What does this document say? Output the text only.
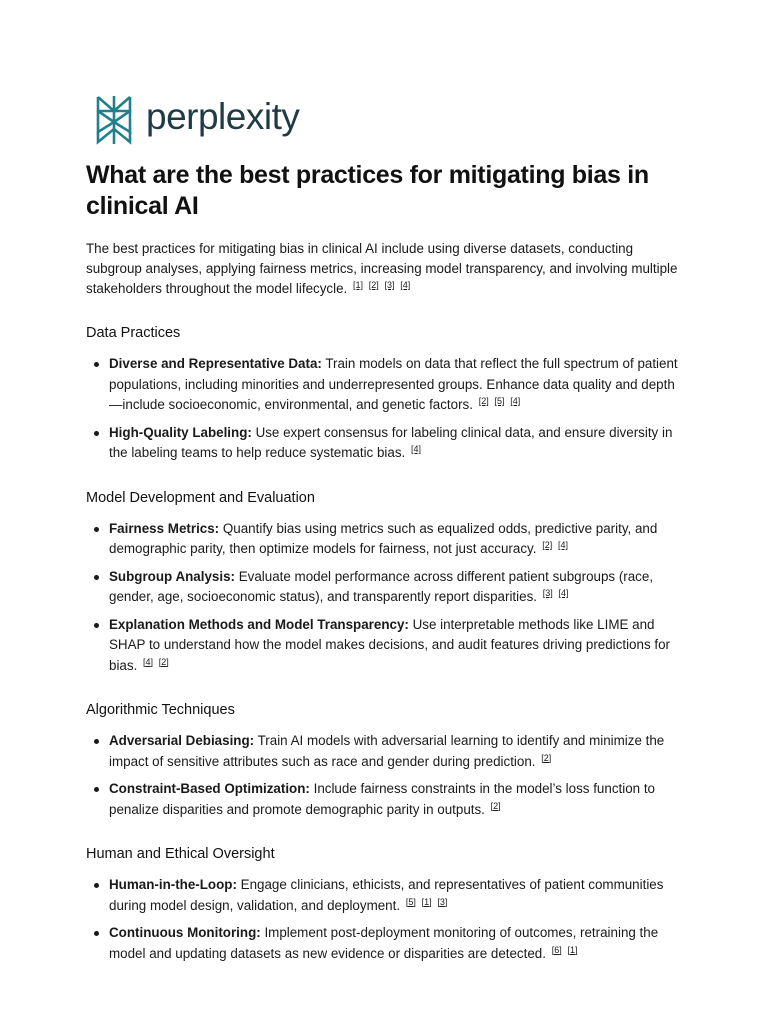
perplexity
What are the best practices for mitigating bias in clinical AI

The best practices for mitigating bias in clinical AI include using diverse datasets, conducting subgroup analyses, applying fairness metrics, increasing model transparency, and involving multiple stakeholders throughout the model lifecycle. [1] [2] [3] [4]

Data Practices
Diverse and Representative Data: Train models on data that reflect the full spectrum of patient populations, including minorities and underrepresented groups. Enhance data quality and depth—include socioeconomic, environmental, and genetic factors. [2] [5] [4]
High-Quality Labeling: Use expert consensus for labeling clinical data, and ensure diversity in the labeling teams to help reduce systematic bias. [4]
Model Development and Evaluation
Fairness Metrics: Quantify bias using metrics such as equalized odds, predictive parity, and demographic parity, then optimize models for fairness, not just accuracy. [2] [4]
Subgroup Analysis: Evaluate model performance across different patient subgroups (race, gender, age, socioeconomic status), and transparently report disparities. [3] [4]
Explanation Methods and Model Transparency: Use interpretable methods like LIME and SHAP to understand how the model makes decisions, and audit features driving predictions for bias. [4] [2]
Algorithmic Techniques
Adversarial Debiasing: Train AI models with adversarial learning to identify and minimize the impact of sensitive attributes such as race and gender during prediction. [2]
Constraint-Based Optimization: Include fairness constraints in the model’s loss function to penalize disparities and promote demographic parity in outputs. [2]
Human and Ethical Oversight
Human-in-the-Loop: Engage clinicians, ethicists, and representatives of patient communities during model design, validation, and deployment. [5] [1] [3]
Continuous Monitoring: Implement post-deployment monitoring of outcomes, retraining the model and updating datasets as new evidence or disparities are detected. [6] [1]
